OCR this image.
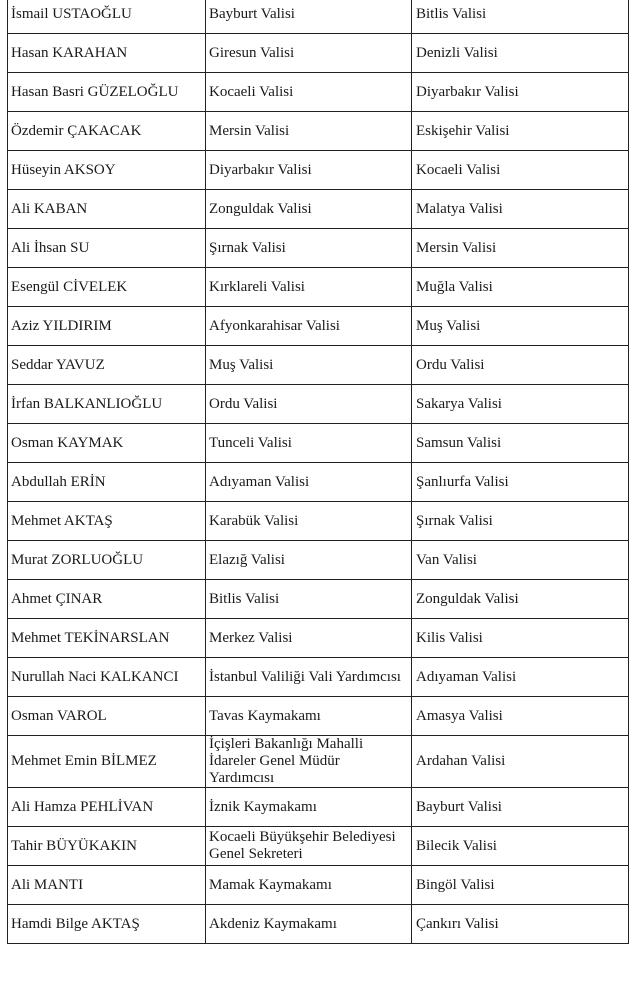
İsmail USTAOĞLU	Bayburt Valisi	Bitlis Valisi
Hasan KARAHAN	Giresun Valisi	Denizli Valisi
Hasan Basri GÜZELOĞLU	Kocaeli Valisi	Diyarbakır Valisi
Özdemir ÇAKACAK	Mersin Valisi	Eskişehir Valisi
Hüseyin AKSOY	Diyarbakır Valisi	Kocaeli Valisi
Ali KABAN	Zonguldak Valisi	Malatya Valisi
Ali İhsan SU	Şırnak Valisi	Mersin Valisi
Esengül CİVELEK	Kırklareli Valisi	Muğla Valisi
Aziz YILDIRIM	Afyonkarahisar Valisi	Muş Valisi
Seddar YAVUZ	Muş Valisi	Ordu Valisi
İrfan BALKANLIOĞLU	Ordu Valisi	Sakarya Valisi
Osman KAYMAK	Tunceli Valisi	Samsun Valisi
Abdullah ERİN	Adıyaman Valisi	Şanlıurfa Valisi
Mehmet AKTAŞ	Karabük Valisi	Şırnak Valisi
Murat ZORLUOĞLU	Elazığ Valisi	Van Valisi
Ahmet ÇINAR	Bitlis Valisi	Zonguldak Valisi
Mehmet TEKİNARSLAN	Merkez Valisi	Kilis Valisi
Nurullah Naci KALKANCI	İstanbul Valiliği Vali Yardımcısı	Adıyaman Valisi
Osman VAROL	Tavas Kaymakamı	Amasya Valisi
Mehmet Emin BİLMEZ	İçişleri Bakanlığı Mahalli İdareler Genel Müdür Yardımcısı	Ardahan Valisi
Ali Hamza PEHLİVAN	İznik Kaymakamı	Bayburt Valisi
Tahir BÜYÜKAKIN	Kocaeli Büyükşehir Belediyesi Genel Sekreteri	Bilecik Valisi
Ali MANTI	Mamak Kaymakamı	Bingöl Valisi
Hamdi Bilge AKTAŞ	Akdeniz Kaymakamı	Çankırı Valisi
